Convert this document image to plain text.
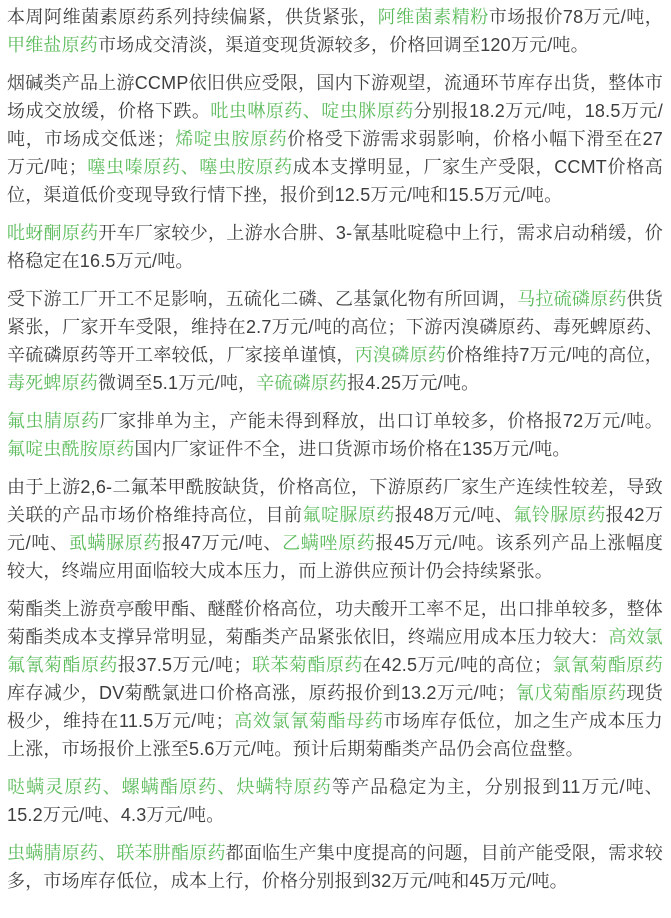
本周阿维菌素原药系列持续偏紧，供货紧张，阿维菌素精粉市场报价78万元/吨，甲维盐原药市场成交清淡，渠道变现货源较多，价格回调至120万元/吨。

烟碱类产品上游CCMP依旧供应受限，国内下游观望，流通环节库存出货，整体市场成交放缓，价格下跌。吡虫啉原药、啶虫脒原药分别报18.2万元/吨，18.5万元/吨，市场成交低迷；烯啶虫胺原药价格受下游需求弱影响，价格小幅下滑至在27万元/吨；噻虫嗪原药、噻虫胺原药成本支撑明显，厂家生产受限，CCMT价格高位，渠道低价变现导致行情下挫，报价到12.5万元/吨和15.5万元/吨。

吡蚜酮原药开车厂家较少，上游水合肼、3-氰基吡啶稳中上行，需求启动稍缓，价格稳定在16.5万元/吨。

受下游工厂开工不足影响，五硫化二磷、乙基氯化物有所回调，马拉硫磷原药供货紧张，厂家开车受限，维持在2.7万元/吨的高位；下游丙溴磷原药、毒死蜱原药、辛硫磷原药等开工率较低，厂家接单谨慎，丙溴磷原药价格维持7万元/吨的高位，毒死蜱原药微调至5.1万元/吨，辛硫磷原药报4.25万元/吨。

氟虫腈原药厂家排单为主，产能未得到释放，出口订单较多，价格报72万元/吨。氟啶虫酰胺原药国内厂家证件不全，进口货源市场价格在135万元/吨。

由于上游2,6-二氟苯甲酰胺缺货，价格高位，下游原药厂家生产连续性较差，导致关联的产品市场价格维持高位，目前氟啶脲原药报48万元/吨、氟铃脲原药报42万元/吨、虱螨脲原药报47万元/吨、乙螨唑原药报45万元/吨。该系列产品上涨幅度较大，终端应用面临较大成本压力，而上游供应预计仍会持续紧张。

菊酯类上游贲亭酸甲酯、醚醛价格高位，功夫酸开工率不足，出口排单较多，整体菊酯类成本支撑异常明显，菊酯类产品紧张依旧，终端应用成本压力较大：高效氯氟氰菊酯原药报37.5万元/吨；联苯菊酯原药在42.5万元/吨的高位；氯氰菊酯原药库存减少，DV菊酰氯进口价格高涨，原药报价到13.2万元/吨；氰戊菊酯原药现货极少，维持在11.5万元/吨；高效氯氰菊酯母药市场库存低位，加之生产成本压力上涨，市场报价上涨至5.6万元/吨。预计后期菊酯类产品仍会高位盘整。

哒螨灵原药、螺螨酯原药、炔螨特原药等产品稳定为主，分别报到11万元/吨、15.2万元/吨、4.3万元/吨。

虫螨腈原药、联苯肼酯原药都面临生产集中度提高的问题，目前产能受限，需求较多，市场库存低位，成本上行，价格分别报到32万元/吨和45万元/吨。
